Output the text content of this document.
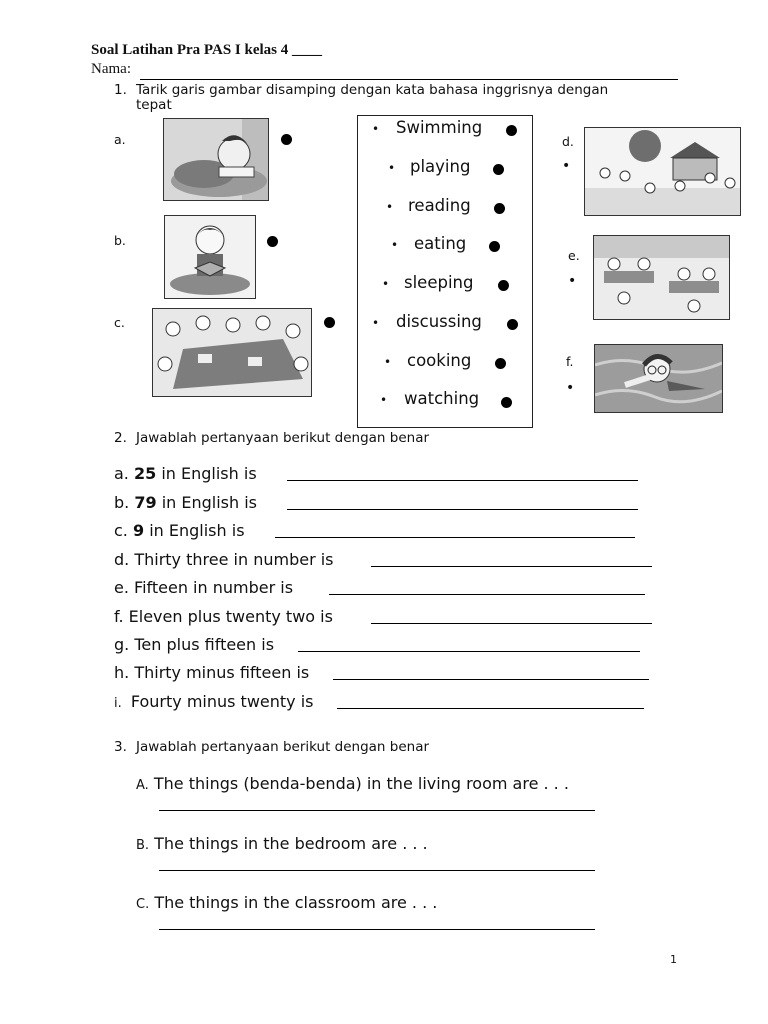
Soal Latihan Pra PAS I kelas 4 ____
Nama:
1. Tarik garis gambar disamping dengan kata bahasa inggrisnya dengan
tepat
a.
b.
c.
• Swimming
• playing
• reading
• eating
• sleeping
• discussing
• cooking
• watching
d.
•
e.
•
f.
•
2. Jawablah pertanyaan berikut dengan benar
a. 25 in English is
b. 79 in English is
c. 9 in English is
d. Thirty three in number is
e. Fifteen in number is
f. Eleven plus twenty two is
g. Ten plus fifteen is
h. Thirty minus fifteen is
i. Fourty minus twenty is
3. Jawablah pertanyaan berikut dengan benar
A. The things (benda-benda) in the living room are . . .
B. The things in the bedroom are . . .
C. The things in the classroom are . . .
1
